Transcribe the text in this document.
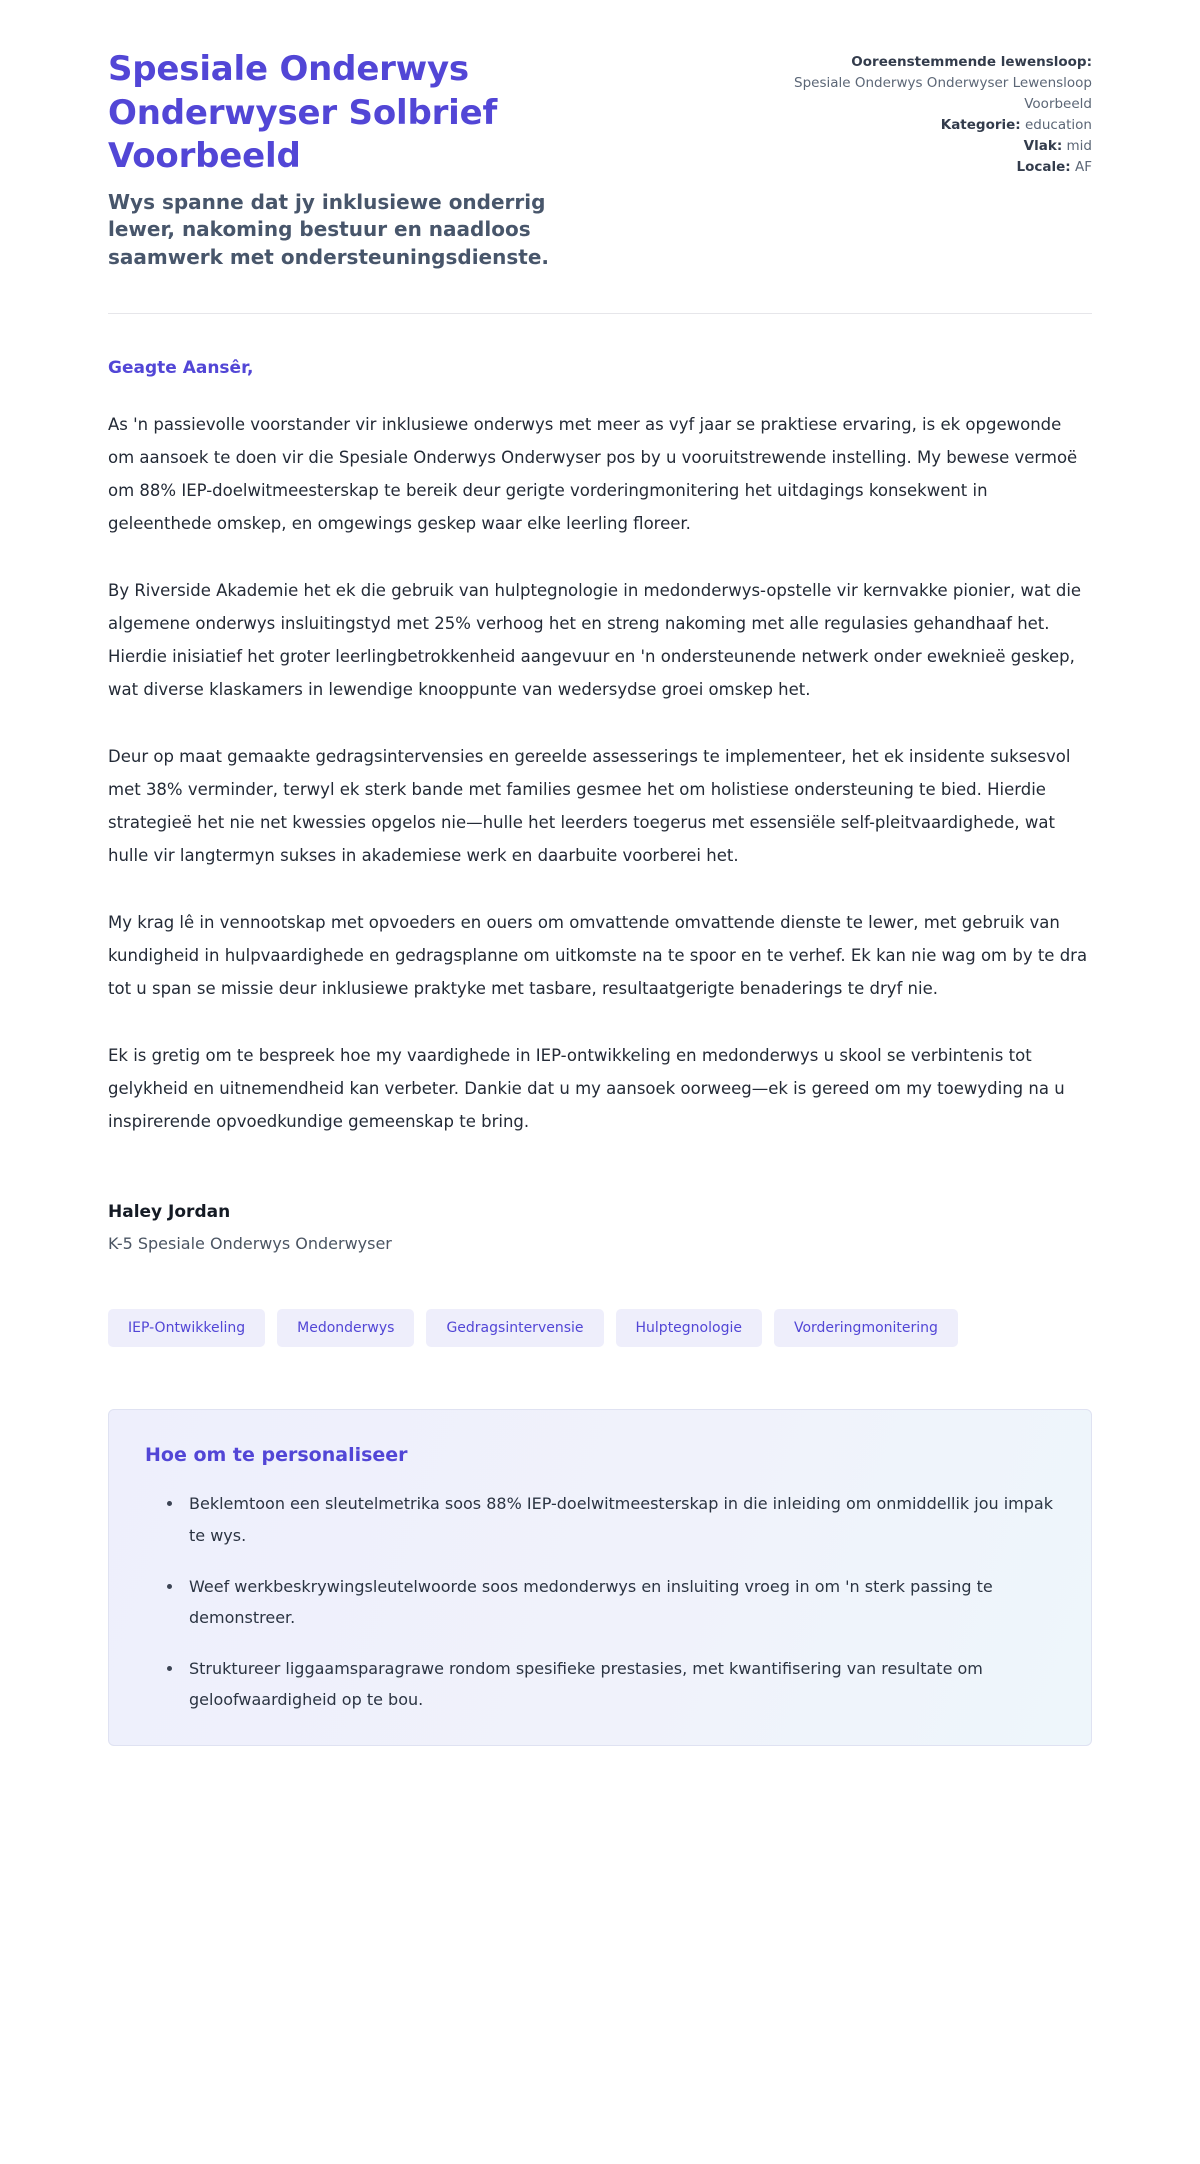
Spesiale Onderwys Onderwyser Solbrief Voorbeeld

Wys spanne dat jy inklusiewe onderrig lewer, nakoming bestuur en naadloos saamwerk met ondersteuningsdienste.

Ooreenstemmende lewensloop: Spesiale Onderwys Onderwyser Lewensloop Voorbeeld
Kategorie: education
Vlak: mid
Locale: AF

Geagte Aansêr,

As 'n passievolle voorstander vir inklusiewe onderwys met meer as vyf jaar se praktiese ervaring, is ek opgewonde om aansoek te doen vir die Spesiale Onderwys Onderwyser pos by u vooruitstrewende instelling. My bewese vermoë om 88% IEP-doelwitmeesterskap te bereik deur gerigte vorderingmonitering het uitdagings konsekwent in geleenthede omskep, en omgewings geskep waar elke leerling floreer.

By Riverside Akademie het ek die gebruik van hulptegnologie in medonderwys-opstelle vir kernvakke pionier, wat die algemene onderwys insluitingstyd met 25% verhoog het en streng nakoming met alle regulasies gehandhaaf het. Hierdie inisiatief het groter leerlingbetrokkenheid aangevuur en 'n ondersteunende netwerk onder eweknieë geskep, wat diverse klaskamers in lewendige knooppunte van wedersydse groei omskep het.

Deur op maat gemaakte gedragsintervensies en gereelde assesserings te implementeer, het ek insidente suksesvol met 38% verminder, terwyl ek sterk bande met families gesmee het om holistiese ondersteuning te bied. Hierdie strategieë het nie net kwessies opgelos nie—hulle het leerders toegerus met essensiële self-pleitvaardighede, wat hulle vir langtermyn sukses in akademiese werk en daarbuite voorberei het.

My krag lê in vennootskap met opvoeders en ouers om omvattende omvattende dienste te lewer, met gebruik van kundigheid in hulpvaardighede en gedragsplanne om uitkomste na te spoor en te verhef. Ek kan nie wag om by te dra tot u span se missie deur inklusiewe praktyke met tasbare, resultaatgerigte benaderings te dryf nie.

Ek is gretig om te bespreek hoe my vaardighede in IEP-ontwikkeling en medonderwys u skool se verbintenis tot gelykheid en uitnemendheid kan verbeter. Dankie dat u my aansoek oorweeg—ek is gereed om my toewyding na u inspirerende opvoedkundige gemeenskap te bring.

Haley Jordan

K-5 Spesiale Onderwys Onderwyser

IEP-Ontwikkeling	Medonderwys	Gedragsintervensie	Hulptegnologie	Vorderingmonitering
Hoe om te personaliseer
Beklemtoon een sleutelmetrika soos 88% IEP-doelwitmeesterskap in die inleiding om onmiddellik jou impak te wys.
Weef werkbeskrywingsleutelwoorde soos medonderwys en insluiting vroeg in om 'n sterk passing te demonstreer.
Struktureer liggaamsparagrawe rondom spesifieke prestasies, met kwantifisering van resultate om geloofwaardigheid op te bou.
